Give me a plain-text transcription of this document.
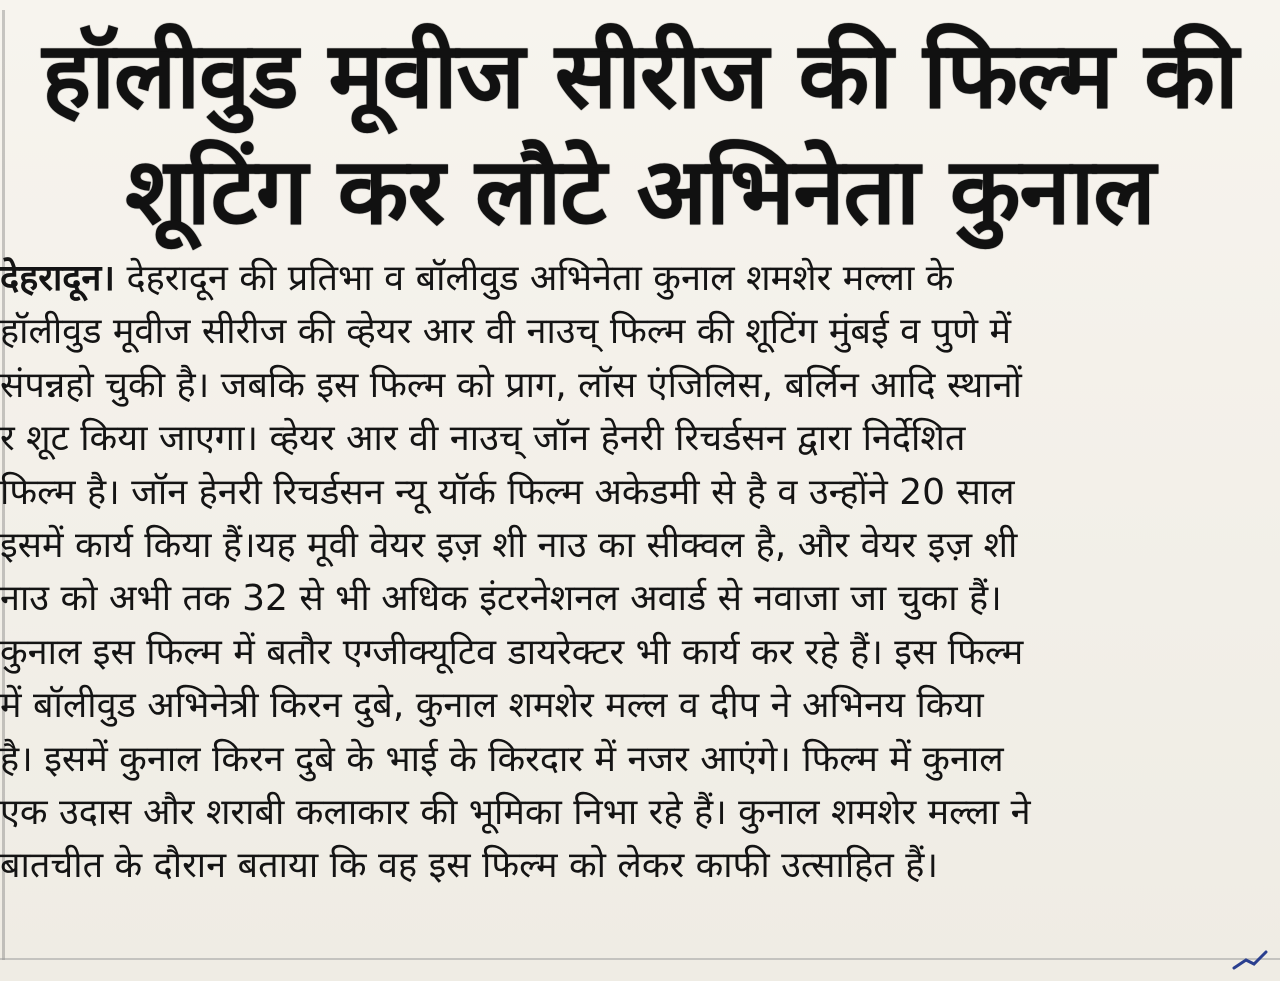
हॉलीवुड मूवीज सीरीज की फिल्म की
शूटिंग कर लौटे अभिनेता कुनाल
देहरादून। देहरादून की प्रतिभा व बॉलीवुड अभिनेता कुनाल शमशेर मल्ला के
हॉलीवुड मूवीज सीरीज की व्हेयर आर वी नाउच् फिल्म की शूटिंग मुंबई व पुणे में
संपन्नहो चुकी है। जबकि इस फिल्म को प्राग, लॉस एंजिलिस, बर्लिन आदि स्थानों
र शूट किया जाएगा। व्हेयर आर वी नाउच् जॉन हेनरी रिचर्डसन द्वारा निर्देशित
फिल्म है। जॉन हेनरी रिचर्डसन न्यू यॉर्क फिल्म अकेडमी से है व उन्होंने 20 साल
इसमें कार्य किया हैं।यह मूवी वेयर इज़ शी नाउ का सीक्वल है, और वेयर इज़ शी
नाउ को अभी तक 32 से भी अधिक इंटरनेशनल अवार्ड से नवाजा जा चुका हैं।
कुनाल इस फिल्म में बतौर एग्जीक्यूटिव डायरेक्टर भी कार्य कर रहे हैं। इस फिल्म
में बॉलीवुड अभिनेत्री किरन दुबे, कुनाल शमशेर मल्ल व दीप ने अभिनय किया
है। इसमें कुनाल किरन दुबे के भाई के किरदार में नजर आएंगे। फिल्म में कुनाल
एक उदास और शराबी कलाकार की भूमिका निभा रहे हैं। कुनाल शमशेर मल्ला ने
बातचीत के दौरान बताया कि वह इस फिल्म को लेकर काफी उत्साहित हैं।
